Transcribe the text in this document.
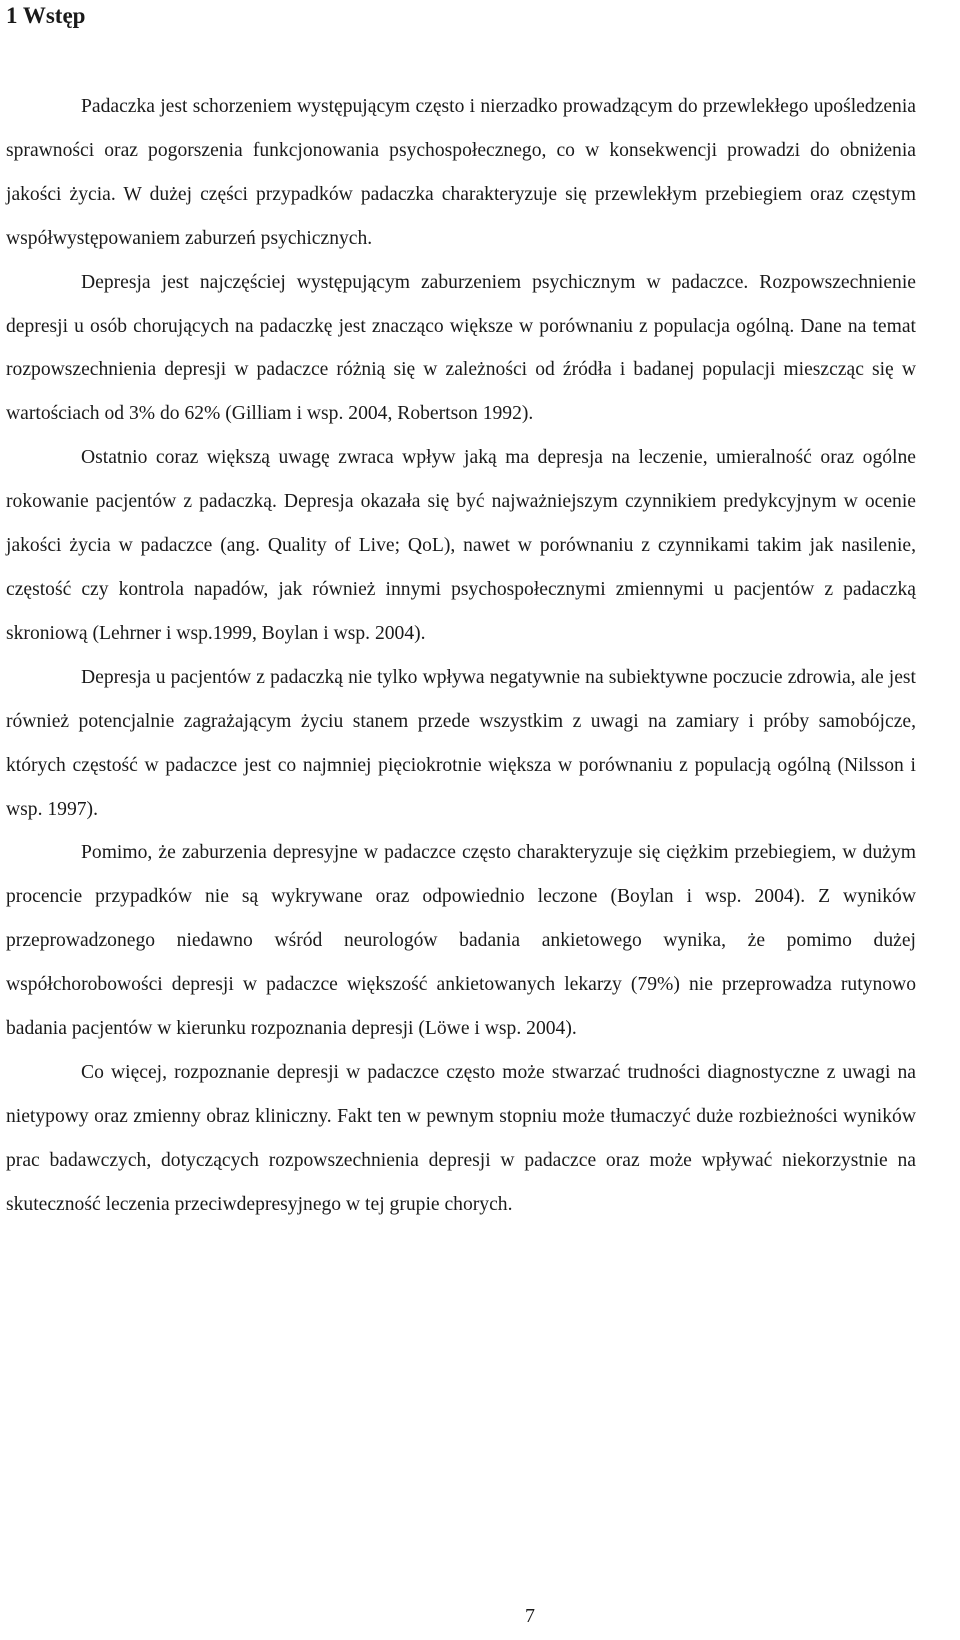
1 Wstęp

Padaczka jest schorzeniem występującym często i nierzadko prowadzącym do przewlekłego upośledzenia sprawności oraz pogorszenia funkcjonowania psychospołecznego, co w konsekwencji prowadzi do obniżenia jakości życia. W dużej części przypadków padaczka charakteryzuje się przewlekłym przebiegiem oraz częstym współwystępowaniem zaburzeń psychicznych.

Depresja jest najczęściej występującym zaburzeniem psychicznym w padaczce. Rozpowszechnienie depresji u osób chorujących na padaczkę jest znacząco większe w porównaniu z populacja ogólną. Dane na temat rozpowszechnienia depresji w padaczce różnią się w zależności od źródła i badanej populacji mieszcząc się w wartościach od 3% do 62% (Gilliam i wsp. 2004, Robertson 1992).

Ostatnio coraz większą uwagę zwraca wpływ jaką ma depresja na leczenie, umieralność oraz ogólne rokowanie pacjentów z padaczką. Depresja okazała się być najważniejszym czynnikiem predykcyjnym w ocenie jakości życia w padaczce (ang. Quality of Live; QoL), nawet w porównaniu z czynnikami takim jak nasilenie, częstość czy kontrola napadów, jak również innymi psychospołecznymi zmiennymi u pacjentów z padaczką skroniową (Lehrner i wsp.1999, Boylan i wsp. 2004).

Depresja u pacjentów z padaczką nie tylko wpływa negatywnie na subiektywne poczucie zdrowia, ale jest również potencjalnie zagrażającym życiu stanem przede wszystkim z uwagi na zamiary i próby samobójcze, których częstość w padaczce jest co najmniej pięciokrotnie większa w porównaniu z populacją ogólną (Nilsson i wsp. 1997).

Pomimo, że zaburzenia depresyjne w padaczce często charakteryzuje się ciężkim przebiegiem, w dużym procencie przypadków nie są wykrywane oraz odpowiednio leczone (Boylan i wsp. 2004). Z wyników przeprowadzonego niedawno wśród neurologów badania ankietowego wynika, że pomimo dużej współchorobowości depresji w padaczce większość ankietowanych lekarzy (79%) nie przeprowadza rutynowo badania pacjentów w kierunku rozpoznania depresji (Löwe i wsp. 2004).

Co więcej, rozpoznanie depresji w padaczce często może stwarzać trudności diagnostyczne z uwagi na nietypowy oraz zmienny obraz kliniczny. Fakt ten w pewnym stopniu może tłumaczyć duże rozbieżności wyników prac badawczych, dotyczących rozpowszechnienia depresji w padaczce oraz może wpływać niekorzystnie na skuteczność leczenia przeciwdepresyjnego w tej grupie chorych.

7
